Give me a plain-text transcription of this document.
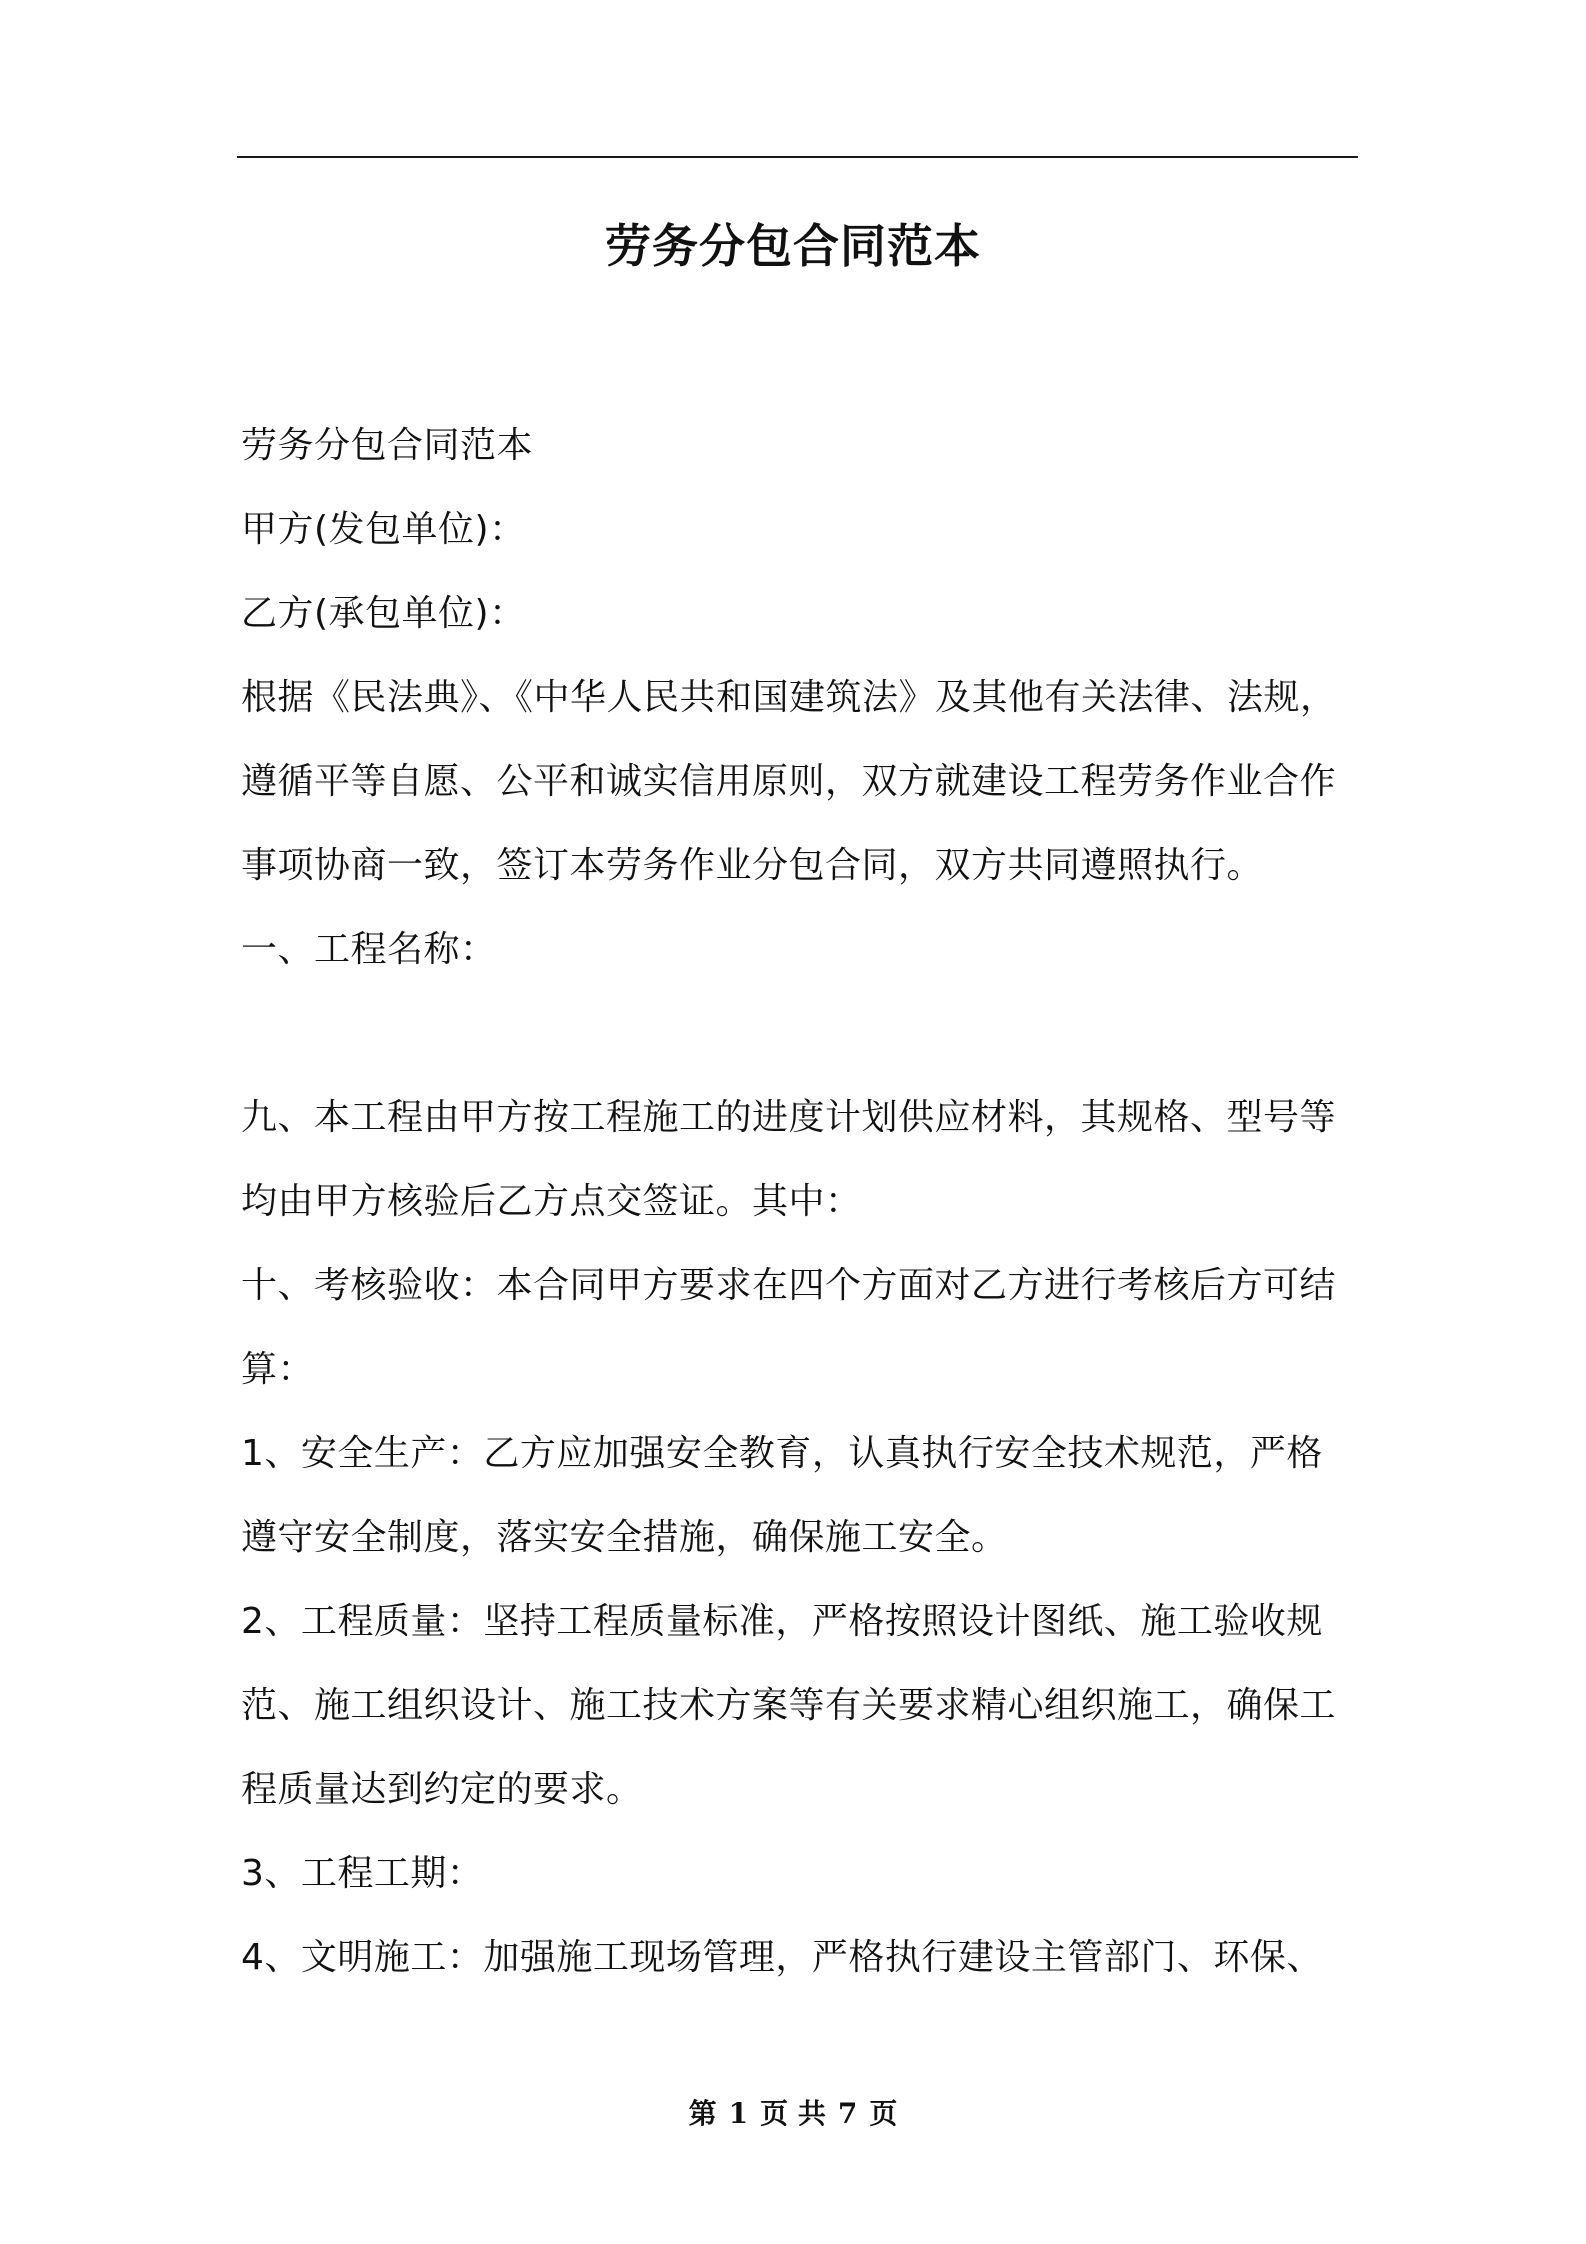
劳务分包合同范本
劳务分包合同范本
甲方(发包单位)：
乙方(承包单位)：
根据《民法典》、《中华人民共和国建筑法》及其他有关法律、法规，
遵循平等自愿、公平和诚实信用原则，双方就建设工程劳务作业合作
事项协商一致，签订本劳务作业分包合同，双方共同遵照执行。
一、工程名称：
九、本工程由甲方按工程施工的进度计划供应材料，其规格、型号等
均由甲方核验后乙方点交签证。其中：
十、考核验收：本合同甲方要求在四个方面对乙方进行考核后方可结
算：
1、安全生产：乙方应加强安全教育，认真执行安全技术规范，严格
遵守安全制度，落实安全措施，确保施工安全。
2、工程质量：坚持工程质量标准，严格按照设计图纸、施工验收规
范、施工组织设计、施工技术方案等有关要求精心组织施工，确保工
程质量达到约定的要求。
3、工程工期：
4、文明施工：加强施工现场管理，严格执行建设主管部门、环保、
第 1 页 共 7 页
